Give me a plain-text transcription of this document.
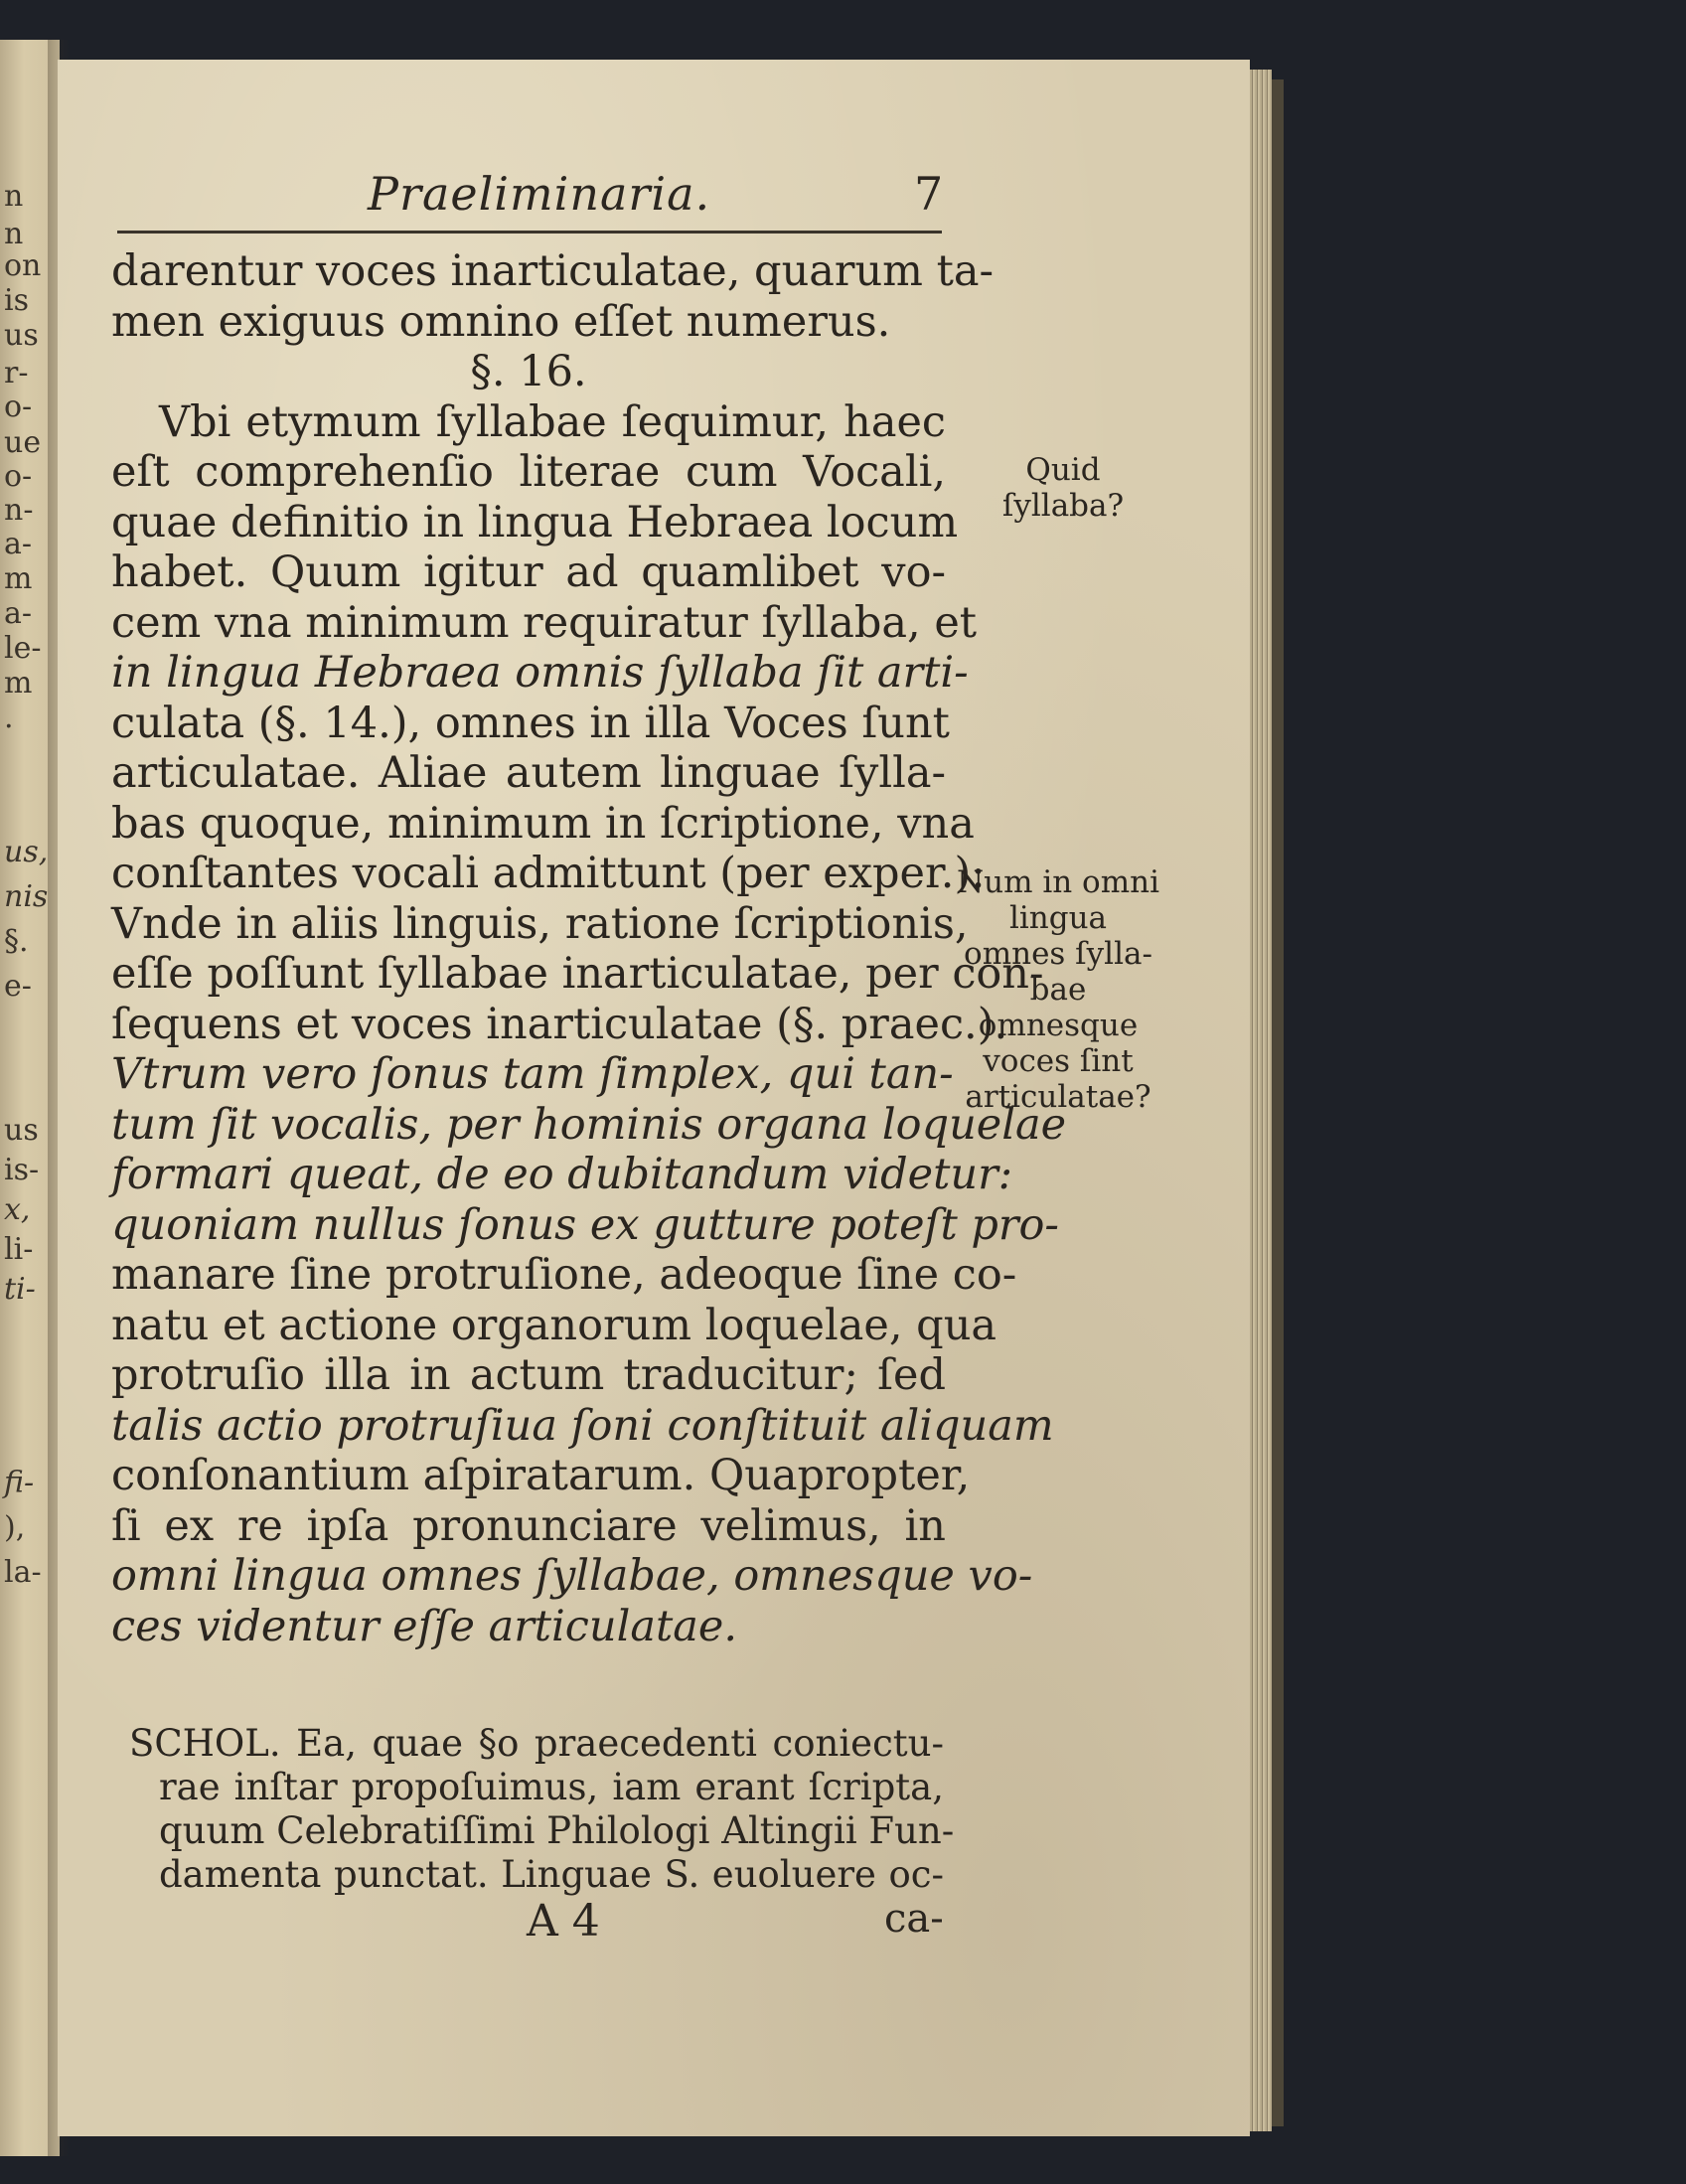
n
n
on
is
us
r-
o-
ue
o-
n-
a-
m
a-
le-
m
.
us,
nis
§.
e-
us
is-
x,
li-
ti-
fi-
),
la-
Praeliminaria.	7
darentur voces inarticulatae, quarum ta-
men exiguus omnino eſſet numerus.
§. 16.
Vbi etymum ſyllabae ſequimur, haec
eſt comprehenſio literae cum Vocali,
quae definitio in lingua Hebraea locum
habet. Quum igitur ad quamlibet vo-
cem vna minimum requiratur ſyllaba, et
in lingua Hebraea omnis ſyllaba ſit arti-
culata (§. 14.), omnes in illa Voces ſunt
articulatae. Aliae autem linguae ſylla-
bas quoque, minimum in ſcriptione, vna
conſtantes vocali admittunt (per exper.):
Vnde in aliis linguis, ratione ſcriptionis,
eſſe poſſunt ſyllabae inarticulatae, per con-
ſequens et voces inarticulatae (§. praec.).
Vtrum vero ſonus tam ſimplex, qui tan-
tum ſit vocalis, per hominis organa loquelae
formari queat, de eo dubitandum videtur:
quoniam nullus ſonus ex gutture poteſt pro-
manare ſine protruſione, adeoque ſine co-
natu et actione organorum loquelae, qua
protruſio illa in actum traducitur; ſed
talis actio protruſiua ſoni conſtituit aliquam
conſonantium aſpiratarum. Quapropter,
ſi ex re ipſa pronunciare velimus, in
omni lingua omnes ſyllabae, omnesque vo-
ces videntur eſſe articulatae.
SCHOL. Ea, quae §o praecedenti coniectu-
rae inſtar propoſuimus, iam erant ſcripta,
quum Celebratiſſimi Philologi Altingii Fun-
damenta punctat. Linguae S. euoluere oc-
A 4	ca-
Quid
ſyllaba?
Num in omni
lingua
omnes ſylla-
bae
omnesque
voces ſint
articulatae?
